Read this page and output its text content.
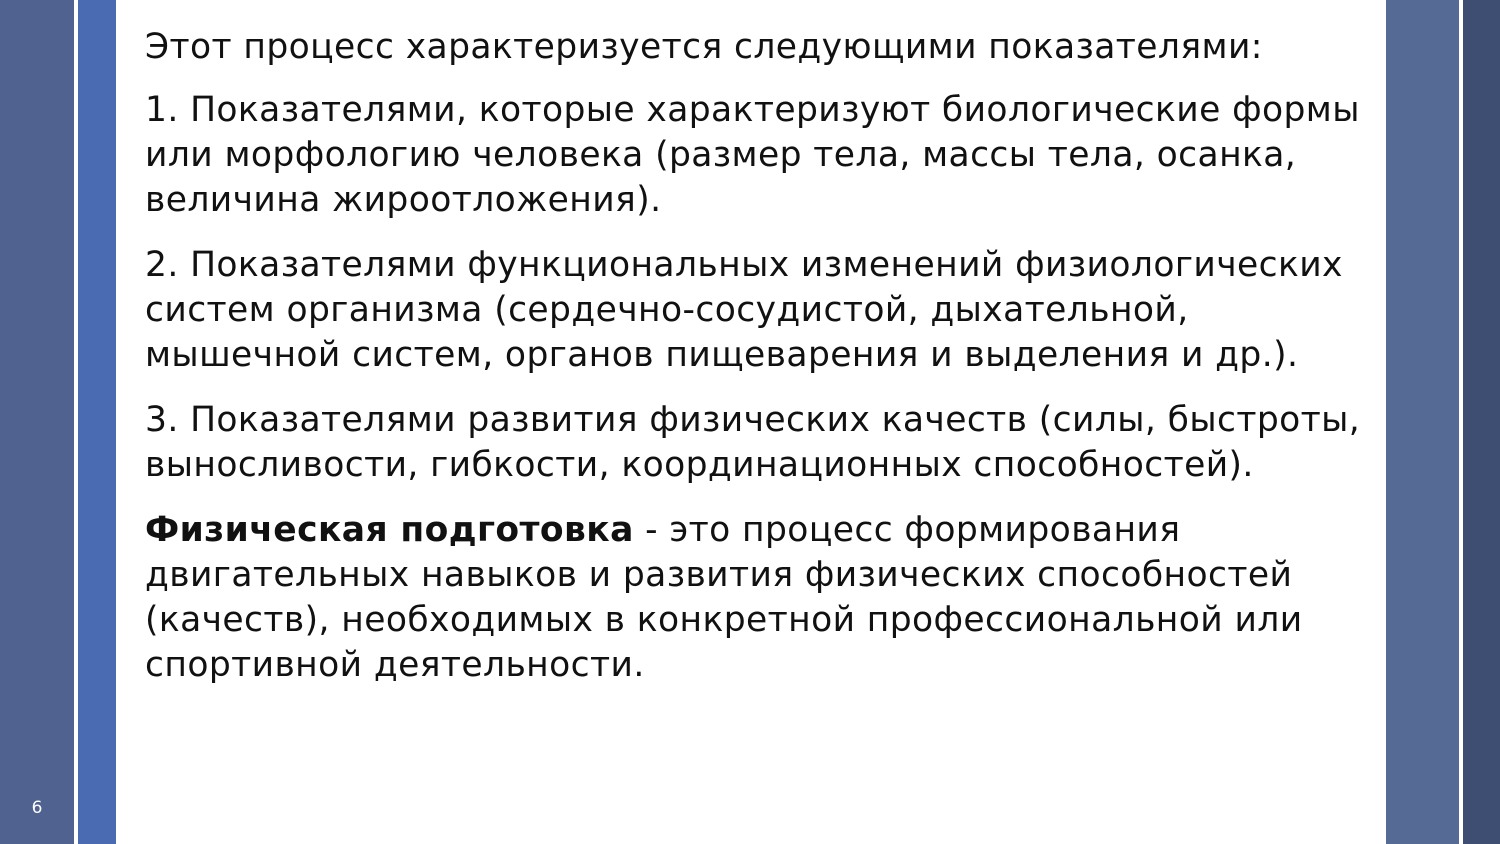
6

Этот процесс характеризуется следующими показателями:

1. Показателями, которые характеризуют биологические формы или морфологию человека (размер тела, массы тела, осанка, величина жироотложения).

2. Показателями функциональных изменений физиологических систем организма (сердечно-сосудистой, дыхательной, мышечной систем, органов пищеварения и выделения и др.).

3. Показателями развития физических качеств (силы, быстроты, выносливости, гибкости, координационных способностей).

Физическая подготовка - это процесс формирования двигательных навыков и развития физических способностей (качеств), необходимых в конкретной профессиональной или спортивной деятельности.
